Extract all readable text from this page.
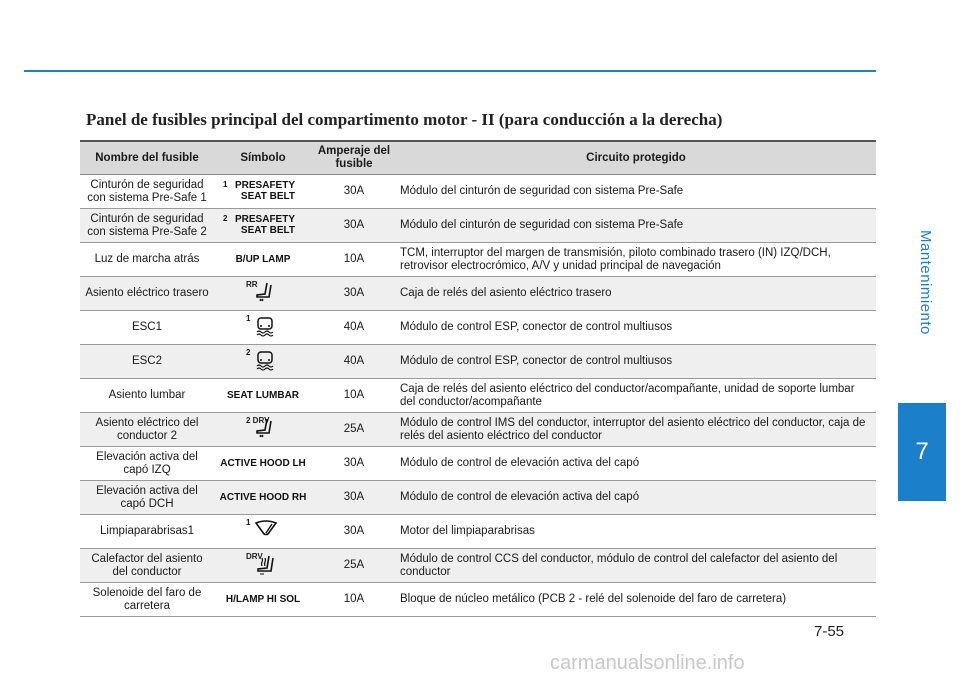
Panel de fusibles principal del compartimento motor - II (para conducción a la derecha)
Nombre del fusible	Símbolo	Amperaje del fusible	Circuito protegido
Cinturón de seguridad con sistema Pre-Safe 1	1 PRESAFETY SEAT BELT	30A	Módulo del cinturón de seguridad con sistema Pre-Safe
Cinturón de seguridad con sistema Pre-Safe 2	2 PRESAFETY SEAT BELT	30A	Módulo del cinturón de seguridad con sistema Pre-Safe
Luz de marcha atrás	B/UP LAMP	10A	TCM, interruptor del margen de transmisión, piloto combinado trasero (IN) IZQ/DCH, retrovisor electrocrómico, A/V y unidad principal de navegación
Asiento eléctrico trasero	RR	30A	Caja de relés del asiento eléctrico trasero
ESC1	1	40A	Módulo de control ESP, conector de control multiusos
ESC2	2	40A	Módulo de control ESP, conector de control multiusos
Asiento lumbar	SEAT LUMBAR	10A	Caja de relés del asiento eléctrico del conductor/acompañante, unidad de soporte lumbar del conductor/acompañante
Asiento eléctrico del conductor 2	2 DRV	25A	Módulo de control IMS del conductor, interruptor del asiento eléctrico del conductor, caja de relés del asiento eléctrico del conductor
Elevación activa del capó IZQ	ACTIVE HOOD LH	30A	Módulo de control de elevación activa del capó
Elevación activa del capó DCH	ACTIVE HOOD RH	30A	Módulo de control de elevación activa del capó
Limpiaparabrisas1	1	30A	Motor del limpiaparabrisas
Calefactor del asiento del conductor	DRV	25A	Módulo de control CCS del conductor, módulo de control del calefactor del asiento del conductor
Solenoide del faro de carretera	H/LAMP HI SOL	10A	Bloque de núcleo metálico (PCB 2 - relé del solenoide del faro de carretera)
Mantenimiento
7
7-55
carmanualsonline.info
